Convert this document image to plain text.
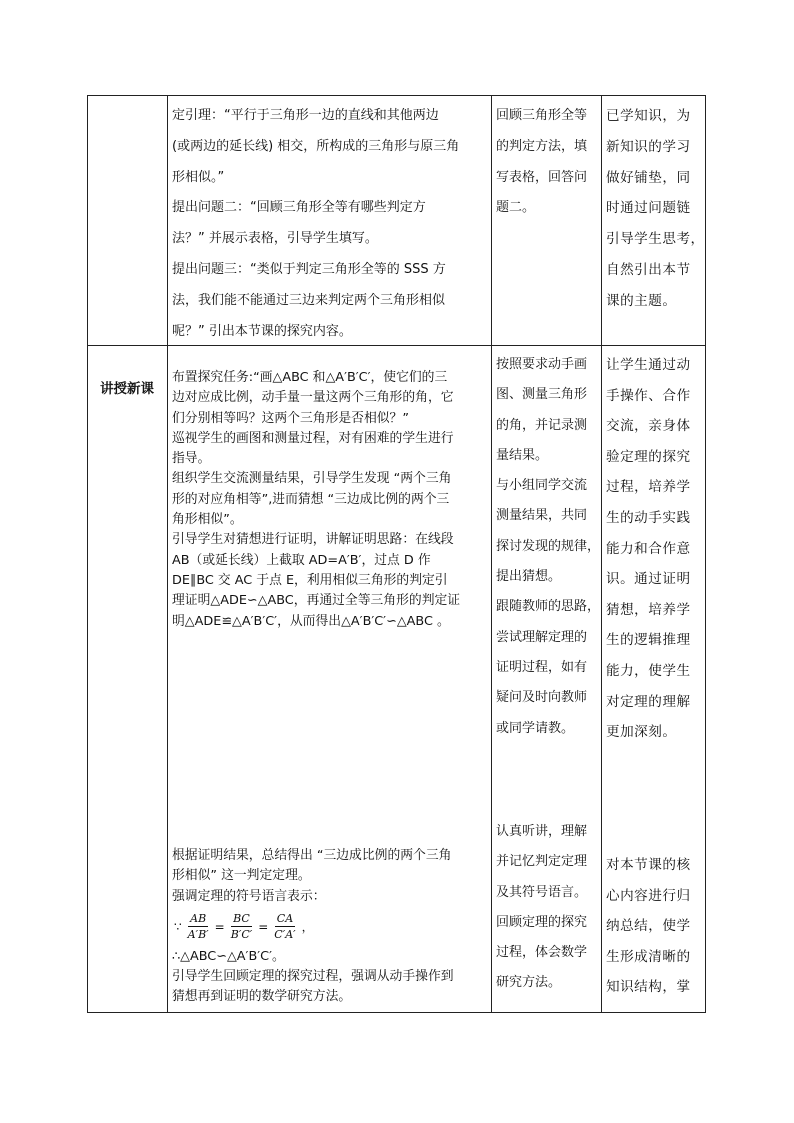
定引理：“平行于三角形一边的直线和其他两边

(或两边的延长线) 相交，所构成的三角形与原三角

形相似。”

提出问题二：“回顾三角形全等有哪些判定方

法？” 并展示表格，引导学生填写。

提出问题三：“类似于判定三角形全等的 SSS 方

法，我们能不能通过三边来判定两个三角形相似

呢？” 引出本节课的探究内容。

回顾三角形全等

的判定方法，填

写表格，回答问

题二。

已学知识，为

新知识的学习

做好铺垫，同

时通过问题链

引导学生思考，

自然引出本节

课的主题。

讲授新课

布置探究任务:“画△ABC 和△A′B′C′，使它们的三

边对应成比例，动手量一量这两个三角形的角，它

们分别相等吗？这两个三角形是否相似？”

巡视学生的画图和测量过程，对有困难的学生进行

指导。

组织学生交流测量结果，引导学生发现 “两个三角

形的对应角相等”,进而猜想 “三边成比例的两个三

角形相似”。

引导学生对猜想进行证明，讲解证明思路：在线段

AB（或延长线）上截取 AD=A′B′，过点 D 作

DE∥BC 交 AC 于点 E，利用相似三角形的判定引

理证明△ADE∽△ABC，再通过全等三角形的判定证

明△ADE≌△A′B′C′，从而得出△A′B′C′∽△ABC 。

根据证明结果，总结得出 “三边成比例的两个三角

形相似” 这一判定定理。

强调定理的符号语言表示：

∵ $\frac{AB}{A'B'} = \frac{BC}{B'C'} = \frac{CA}{C'A'}$ ，

∴△ABC∽△A′B′C′。

引导学生回顾定理的探究过程，强调从动手操作到

猜想再到证明的数学研究方法。

按照要求动手画

图、测量三角形

的角，并记录测

量结果。

与小组同学交流

测量结果，共同

探讨发现的规律，

提出猜想。

跟随教师的思路，

尝试理解定理的

证明过程，如有

疑问及时向教师

或同学请教。

认真听讲，理解

并记忆判定定理

及其符号语言。

回顾定理的探究

过程，体会数学

研究方法。

让学生通过动

手操作、合作

交流，亲身体

验定理的探究

过程，培养学

生的动手实践

能力和合作意

识。通过证明

猜想，培养学

生的逻辑推理

能力，使学生

对定理的理解

更加深刻。

对本节课的核

心内容进行归

纳总结，使学

生形成清晰的

知识结构，掌
